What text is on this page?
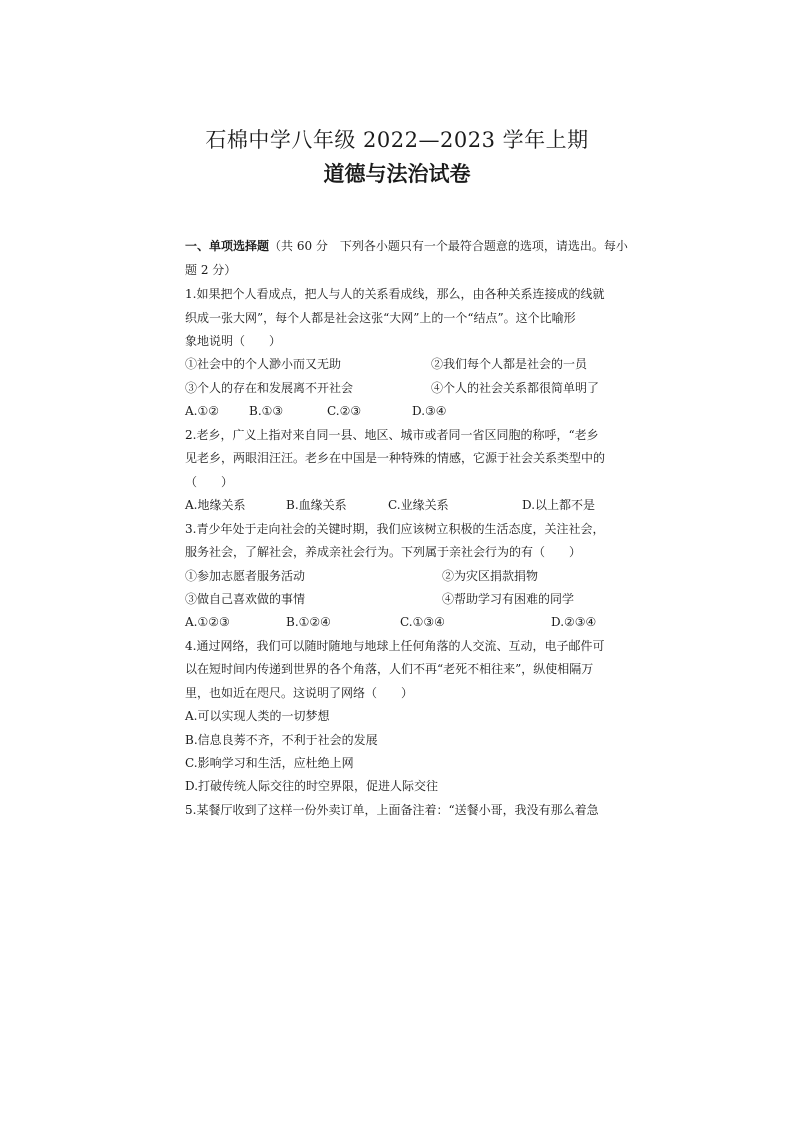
石棉中学八年级 2022—2023 学年上期
道德与法治试卷
一、单项选择题（共 60 分　下列各小题只有一个最符合题意的选项，请选出。每小
题 2 分）
1.如果把个人看成点，把人与人的关系看成线，那么，由各种关系连接成的线就
织成一张大网”，每个人都是社会这张“大网”上的一个“结点”。这个比喻形
象地说明（　　）
①社会中的个人渺小而又无助	②我们每个人都是社会的一员
③个人的存在和发展离不开社会	④个人的社会关系都很简单明了
A.①②	B.①③	C.②③	D.③④
2.老乡，广义上指对来自同一县、地区、城市或者同一省区同胞的称呼，“老乡
见老乡，两眼泪汪汪。老乡在中国是一种特殊的情感，它源于社会关系类型中的
（　　）
A.地缘关系	B.血缘关系	C.业缘关系	D.以上都不是
3.青少年处于走向社会的关键时期，我们应该树立积极的生活态度，关注社会，
服务社会，了解社会，养成亲社会行为。下列属于亲社会行为的有（　　）
①参加志愿者服务活动	②为灾区捐款捐物
③做自己喜欢做的事情	④帮助学习有困难的同学
A.①②③	B.①②④	C.①③④	D.②③④
4.通过网络，我们可以随时随地与地球上任何角落的人交流、互动，电子邮件可
以在短时间内传递到世界的各个角落，人们不再“老死不相往来”，纵使相隔万
里，也如近在咫尺。这说明了网络（　　）
A.可以实现人类的一切梦想
B.信息良莠不齐，不利于社会的发展
C.影响学习和生活，应杜绝上网
D.打破传统人际交往的时空界限，促进人际交往
5.某餐厅收到了这样一份外卖订单，上面备注着：“送餐小哥，我没有那么着急
